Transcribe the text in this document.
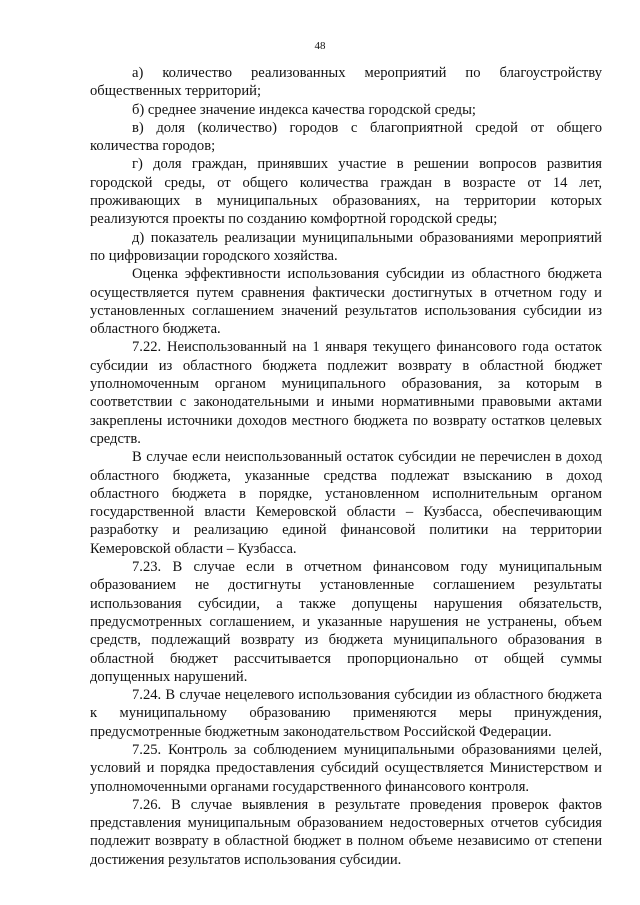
48

а) количество реализованных мероприятий по благоустройству общественных территорий;

б) среднее значение индекса качества городской среды;

в) доля (количество) городов с благоприятной средой от общего количества городов;

г) доля граждан, принявших участие в решении вопросов развития городской среды, от общего количества граждан в возрасте от 14 лет, проживающих в муниципальных образованиях, на территории которых реализуются проекты по созданию комфортной городской среды;

д) показатель реализации муниципальными образованиями мероприятий по цифровизации городского хозяйства.

Оценка эффективности использования субсидии из областного бюджета осуществляется путем сравнения фактически достигнутых в отчетном году и установленных соглашением значений результатов использования субсидии из областного бюджета.

7.22. Неиспользованный на 1 января текущего финансового года остаток субсидии из областного бюджета подлежит возврату в областной бюджет уполномоченным органом муниципального образования, за которым в соответствии с законодательными и иными нормативными правовыми актами закреплены источники доходов местного бюджета по возврату остатков целевых средств.

В случае если неиспользованный остаток субсидии не перечислен в доход областного бюджета, указанные средства подлежат взысканию в доход областного бюджета в порядке, установленном исполнительным органом государственной власти Кемеровской области – Кузбасса, обеспечивающим разработку и реализацию единой финансовой политики на территории Кемеровской области – Кузбасса.

7.23. В случае если в отчетном финансовом году муниципальным образованием не достигнуты установленные соглашением результаты использования субсидии, а также допущены нарушения обязательств, предусмотренных соглашением, и указанные нарушения не устранены, объем средств, подлежащий возврату из бюджета муниципального образования в областной бюджет рассчитывается пропорционально от общей суммы допущенных нарушений.

7.24. В случае нецелевого использования субсидии из областного бюджета к муниципальному образованию применяются меры принуждения, предусмотренные бюджетным законодательством Российской Федерации.

7.25. Контроль за соблюдением муниципальными образованиями целей, условий и порядка предоставления субсидий осуществляется Министерством и уполномоченными органами государственного финансового контроля.

7.26. В случае выявления в результате проведения проверок фактов представления муниципальным образованием недостоверных отчетов субсидия подлежит возврату в областной бюджет в полном объеме независимо от степени достижения результатов использования субсидии.
